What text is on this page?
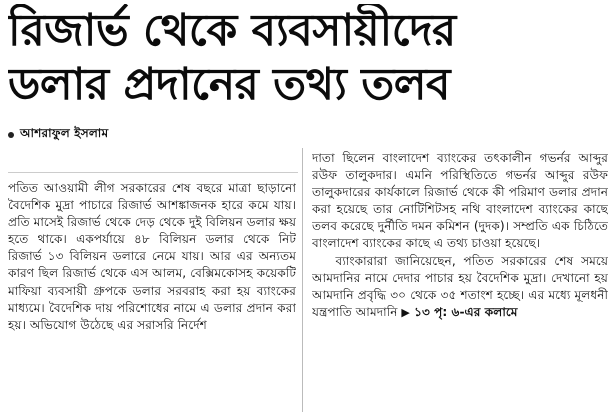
রিজার্ভ থেকে ব্যবসায়ীদের
ডলার প্রদানের তথ্য তলব
আশরাফুল ইসলাম
পতিত আওয়ামী লীগ সরকারের শেষ বছরে মাত্রা ছাড়ানো বৈদেশিক মুদ্রা পাচারে রিজার্ভ আশঙ্কাজনক হারে কমে যায়। প্রতি মাসেই রিজার্ভ থেকে দেড় থেকে দুই বিলিয়ন ডলার ক্ষয় হতে থাকে। একপর্যায়ে ৪৮ বিলিয়ন ডলার থেকে নিট রিজার্ভ ১৩ বিলিয়ন ডলারে নেমে যায়। আর এর অন্যতম কারণ ছিল রিজার্ভ থেকে এস আলম, বেক্সিমকোসহ কয়েকটি মাফিয়া ব্যবসায়ী গ্রুপকে ডলার সরবরাহ করা হয় ব্যাংকের মাধ্যমে। বৈদেশিক দায় পরিশোধের নামে এ ডলার প্রদান করা হয়। অভিযোগ উঠেছে এর সরাসরি নির্দেশ
দাতা ছিলেন বাংলাদেশ ব্যাংকের তৎকালীন গভর্নর আব্দুর রউফ তালুকদার। এমনি পরিস্থিতিতে গভর্নর আব্দুর রউফ তালুকদারের কার্যকালে রিজার্ভ থেকে কী পরিমাণ ডলার প্রদান করা হয়েছে তার নোটিশিটসহ নথি বাংলাদেশ ব্যাংকের কাছে তলব করেছে দুর্নীতি দমন কমিশন (দুদক)। সম্প্রতি এক চিঠিতে বাংলাদেশ ব্যাংকের কাছে এ তথ্য চাওয়া হয়েছে।
ব্যাংকারারা জানিয়েছেন, পতিত সরকারের শেষ সময়ে আমদানির নামে দেদার পাচার হয় বৈদেশিক মুদ্রা। দেখানো হয় আমদানি প্রবৃদ্ধি ৩০ থেকে ৩৫ শতাংশ হচ্ছে। এর মধ্যে মূলধনী যন্ত্রপাতি আমদানি ▶ ১৩ পৃ: ৬-এর কলামে
